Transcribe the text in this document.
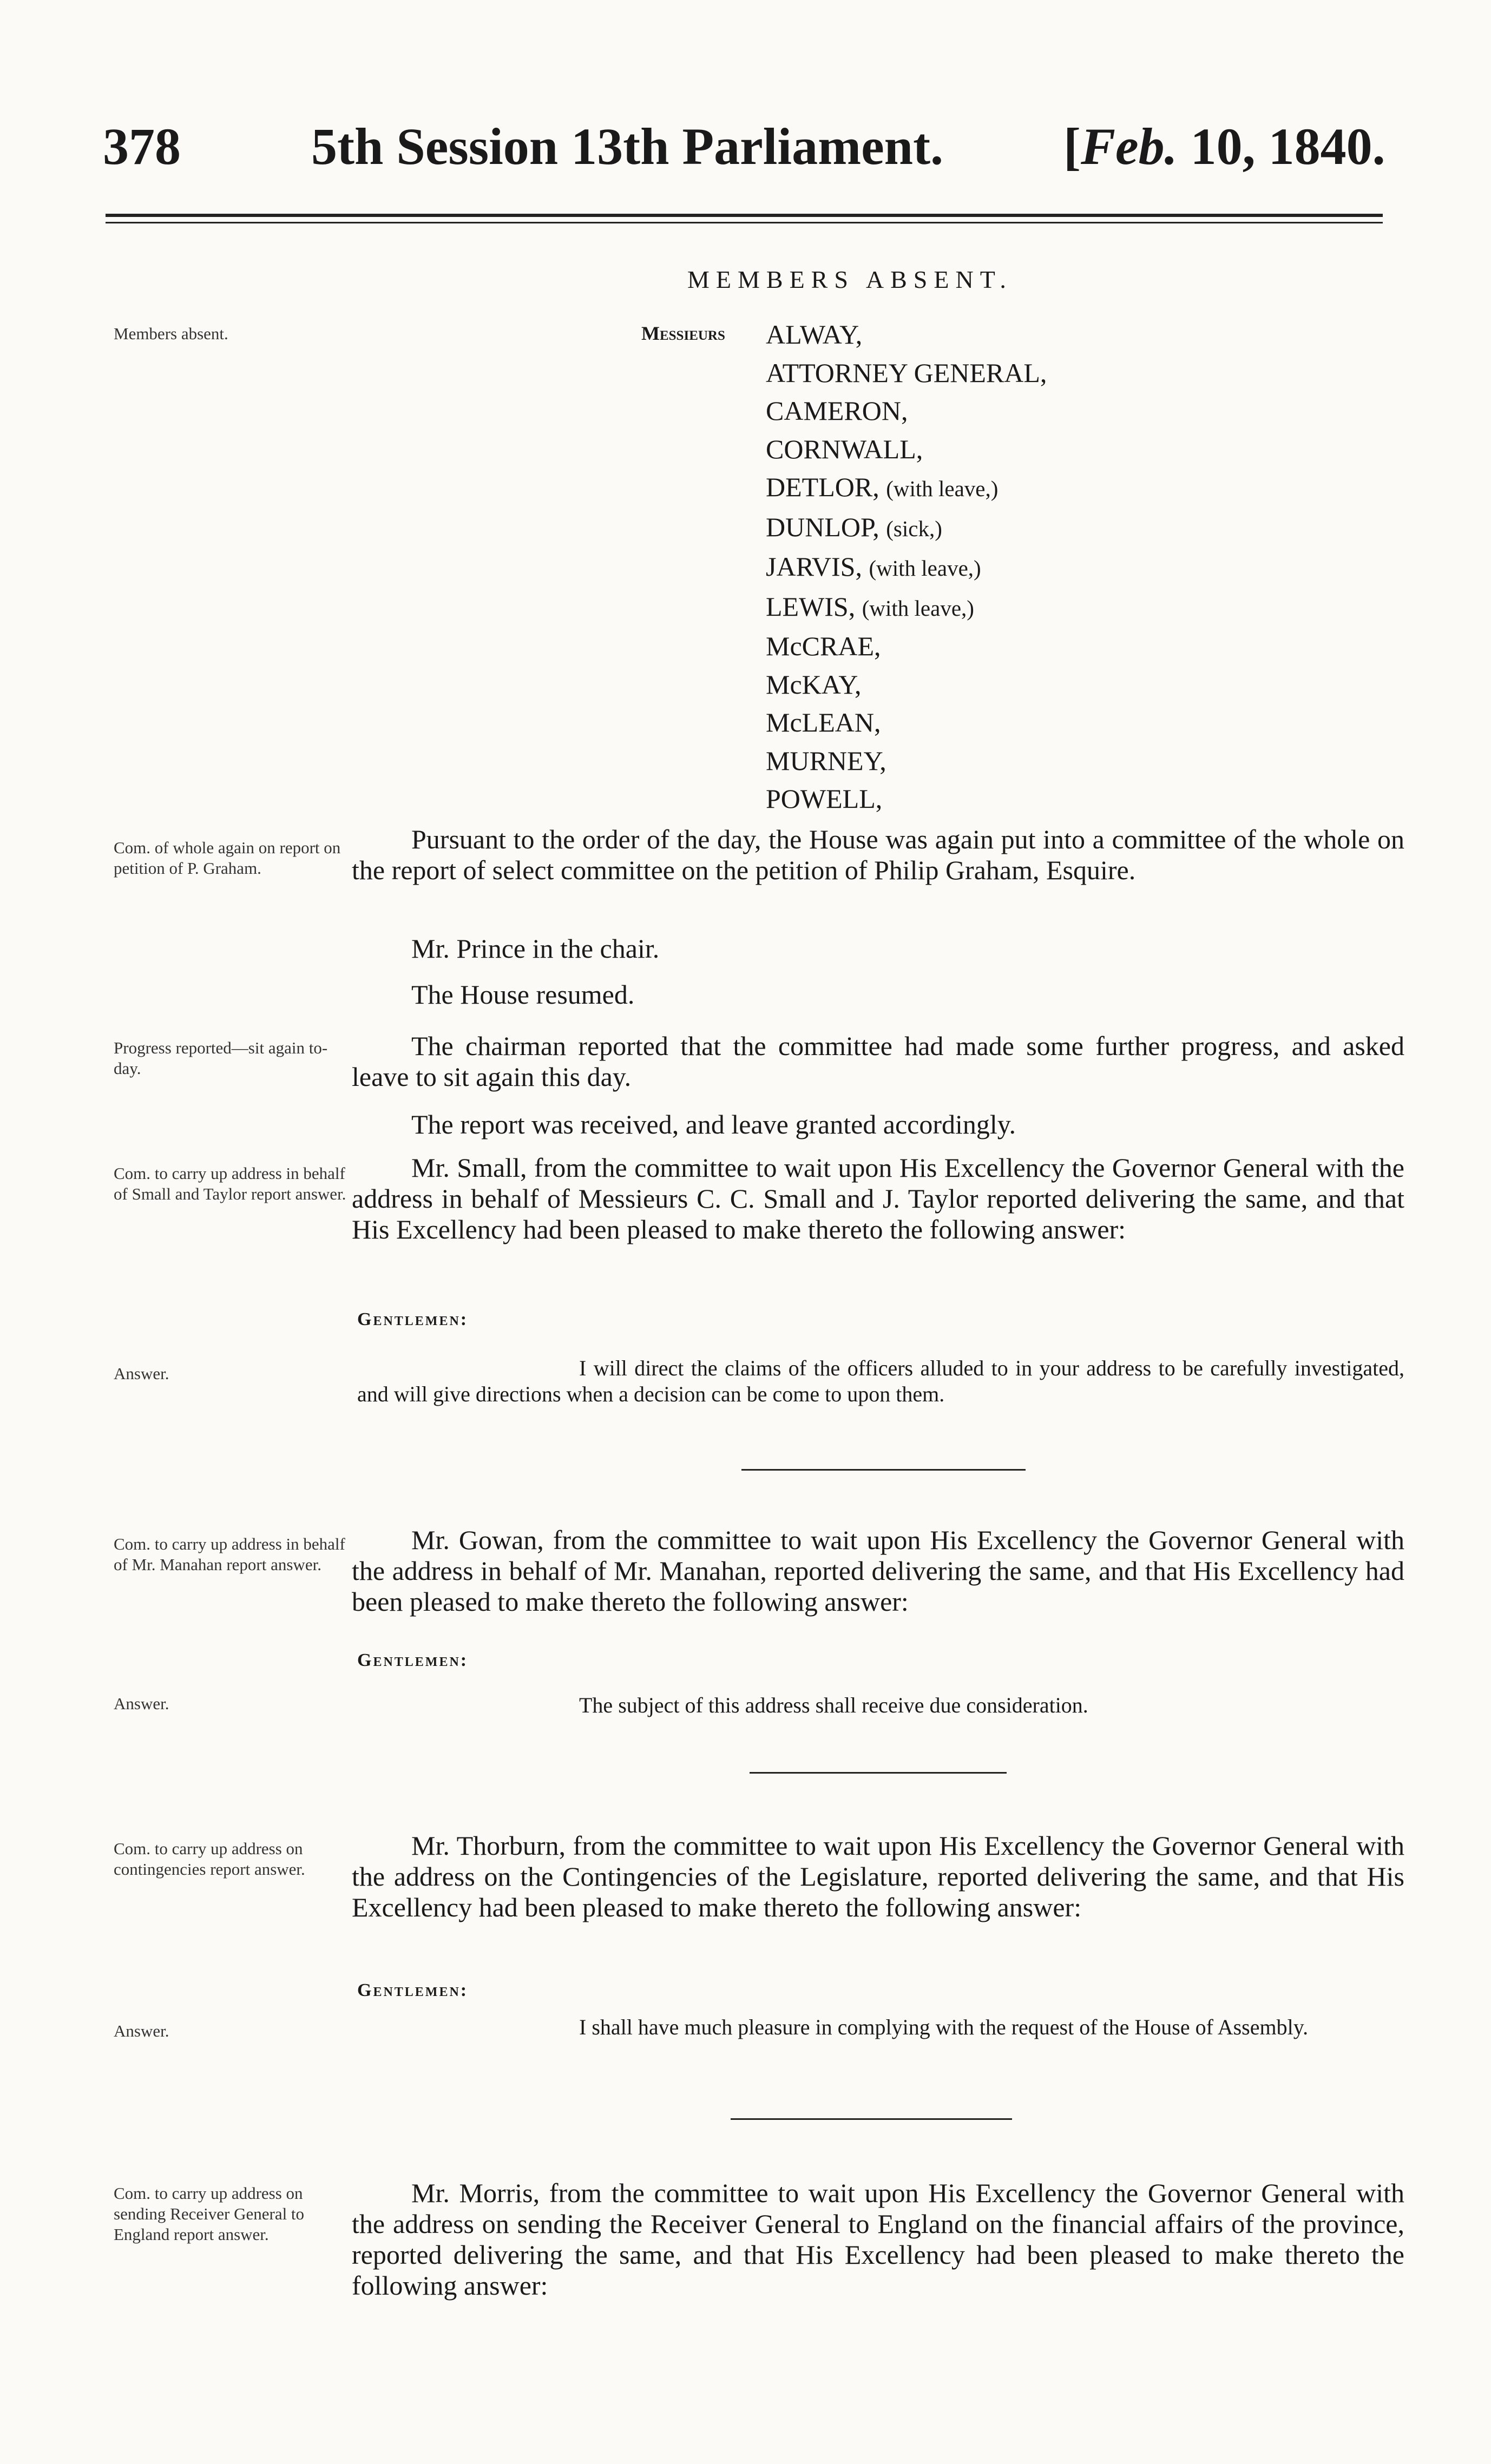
378	5th Session 13th Parliament. [Feb. 10, 1840.
MEMBERS ABSENT.
Members absent.	Messieurs ALWAY,
ATTORNEY GENERAL,
CAMERON,
CORNWALL,
DETLOR, (with leave,)
DUNLOP, (sick,)
JARVIS, (with leave,)
LEWIS, (with leave,)
McCRAE,
McKAY,
McLEAN,
MURNEY,
POWELL,
Com. of whole again on report on petition of P. Graham.

Pursuant to the order of the day, the House was again put into a committee of the whole on the report of select committee on the petition of Philip Graham, Esquire.

Mr. Prince in the chair.

The House resumed.

Progress reported—sit again to-day.

The chairman reported that the committee had made some further progress, and asked leave to sit again this day.

The report was received, and leave granted accordingly.

Com. to carry up address in behalf of Small and Taylor report answer.

Mr. Small, from the committee to wait upon His Excellency the Governor General with the address in behalf of Messieurs C. C. Small and J. Taylor reported delivering the same, and that His Excellency had been pleased to make thereto the following answer:

Gentlemen:
Answer.	I will direct the claims of the officers alluded to in your address to be carefully investigated, and will give directions when a decision can be come to upon them.

Com. to carry up address in behalf of Mr. Manahan report answer.

Mr. Gowan, from the committee to wait upon His Excellency the Governor General with the address in behalf of Mr. Manahan, reported delivering the same, and that His Excellency had been pleased to make thereto the following answer:

Gentlemen:
Answer.	The subject of this address shall receive due consideration.

Com. to carry up address on contingencies report answer.

Mr. Thorburn, from the committee to wait upon His Excellency the Governor General with the address on the Contingencies of the Legislature, reported delivering the same, and that His Excellency had been pleased to make thereto the following answer:

Gentlemen:
Answer.	I shall have much pleasure in complying with the request of the House of Assembly.

Com. to carry up address on sending Receiver General to England report answer.

Mr. Morris, from the committee to wait upon His Excellency the Governor General with the address on sending the Receiver General to England on the financial affairs of the province, reported delivering the same, and that His Excellency had been pleased to make thereto the following answer:
